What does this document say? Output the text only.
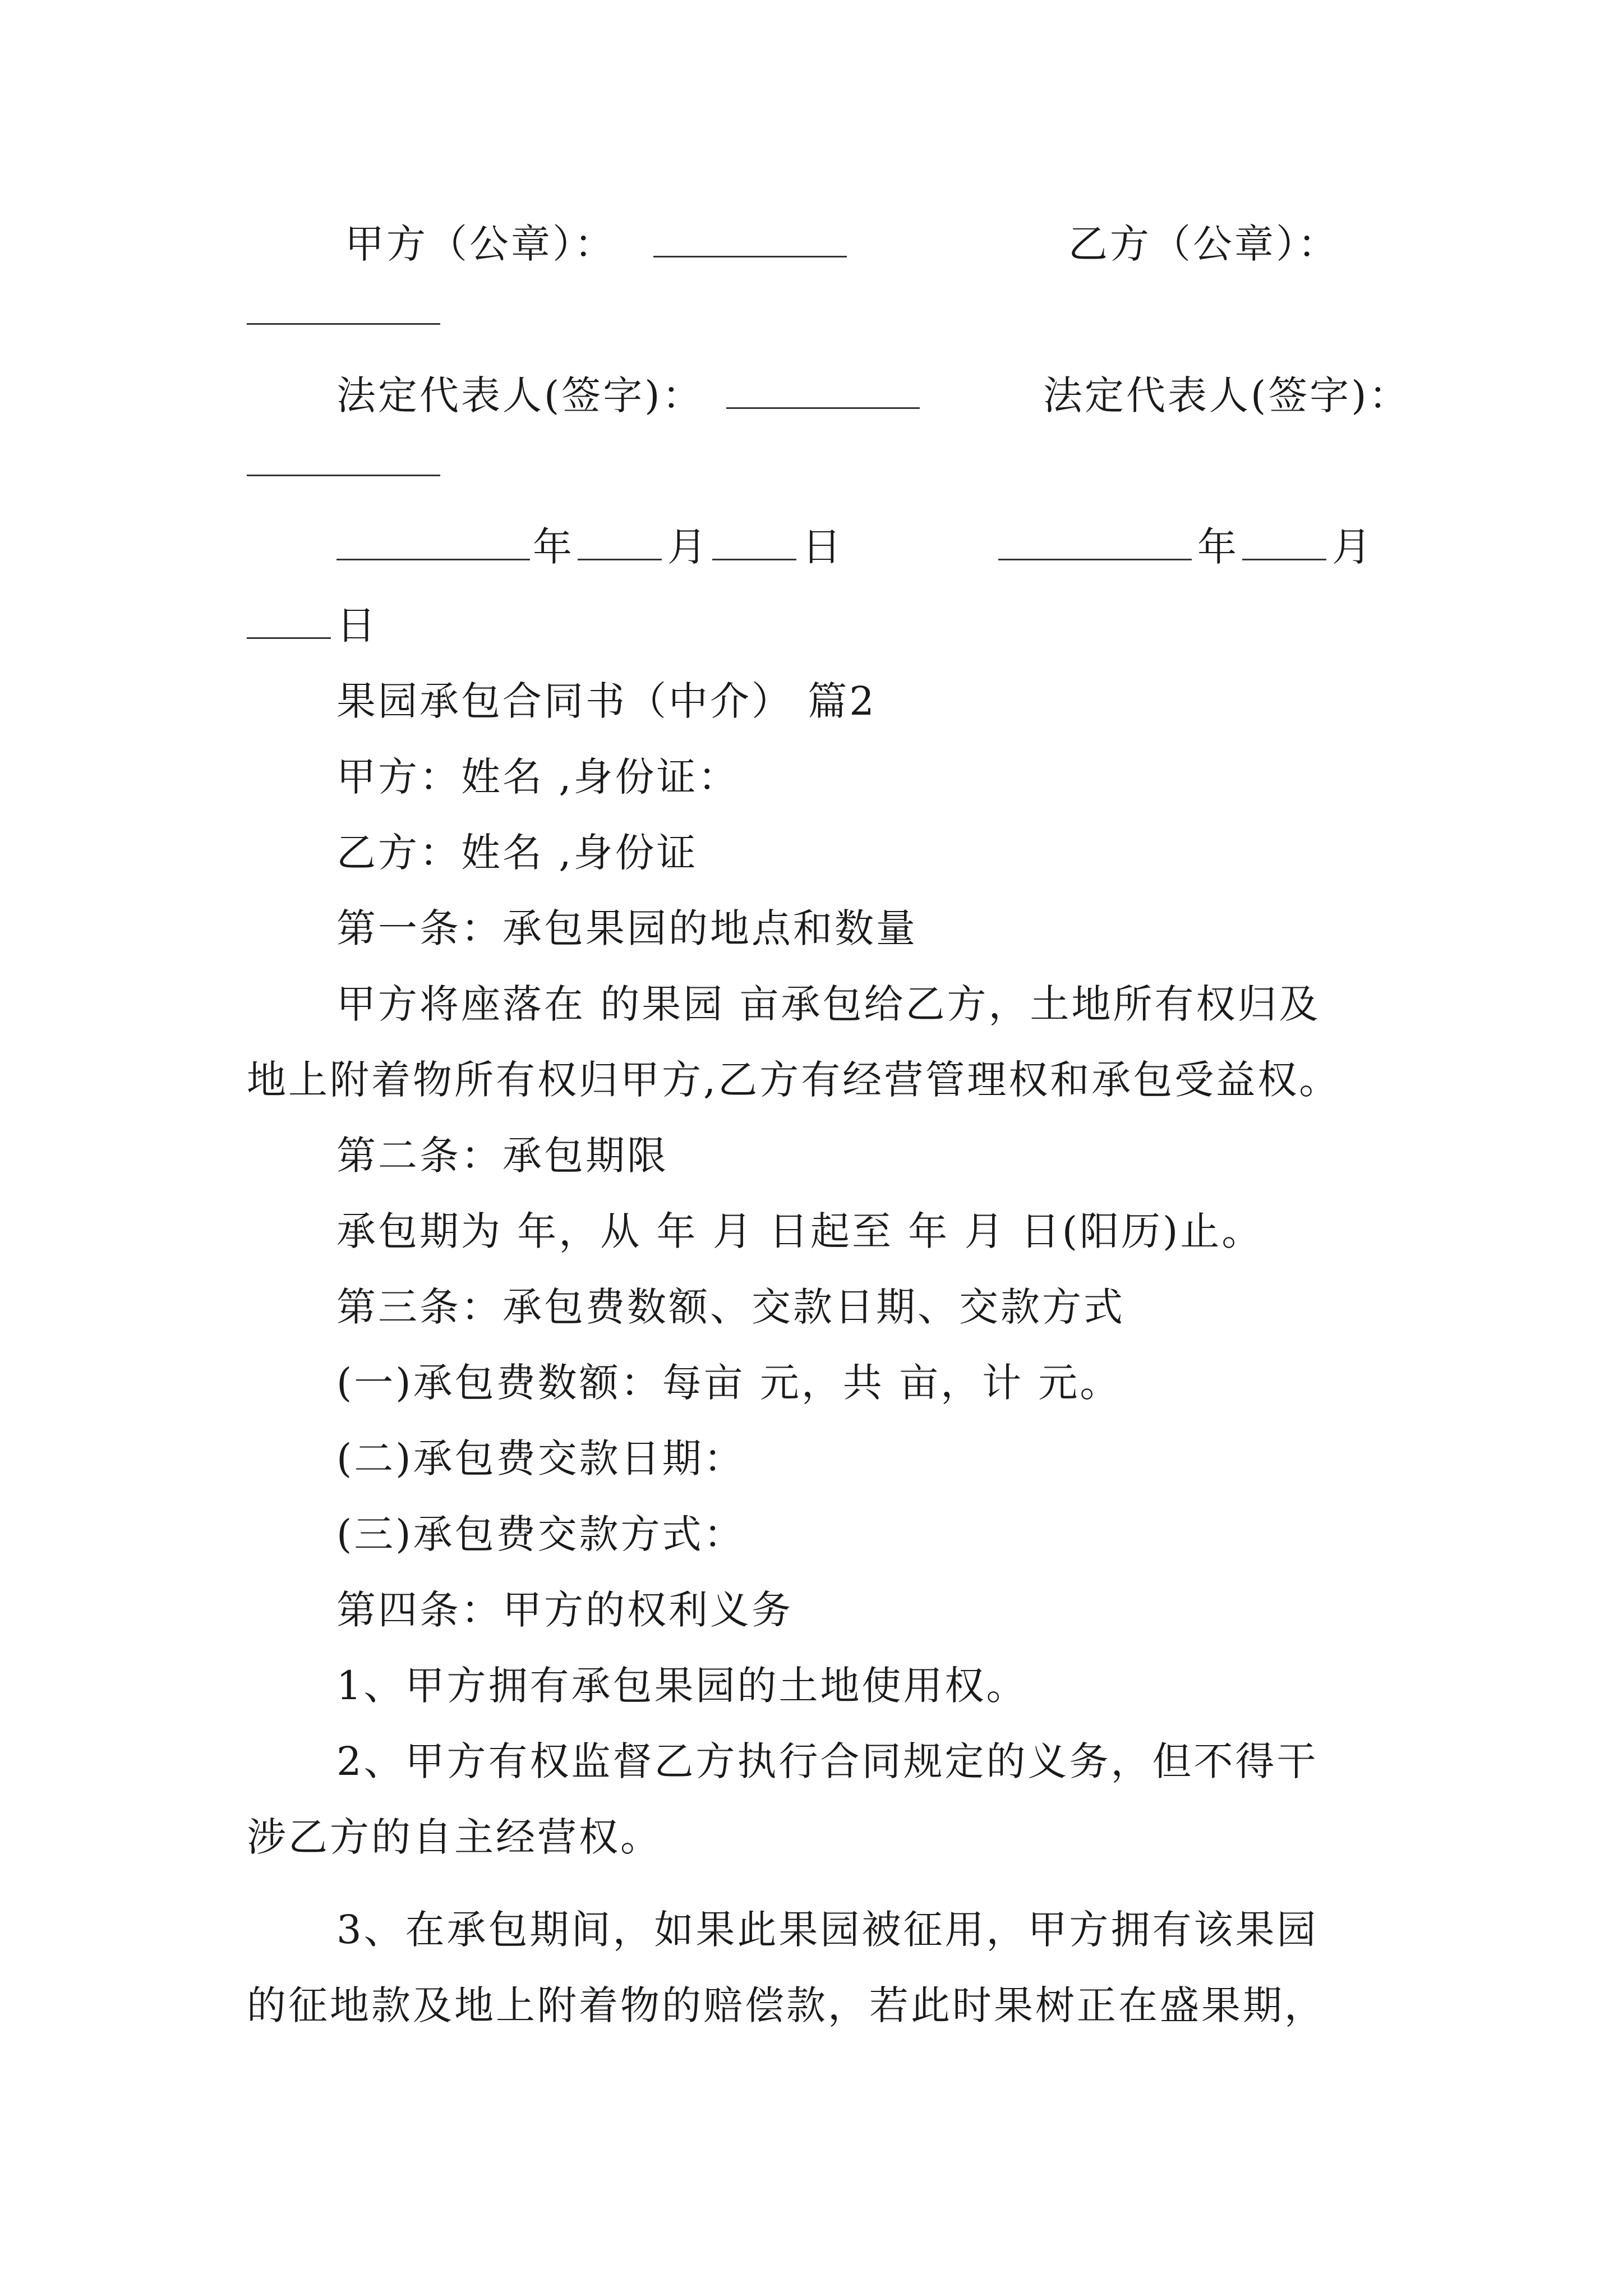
甲方（公章）：	乙方（公章）：
法定代表人(签字)：	法定代表人(签字)：
年 月 日	年 月
日
果园承包合同书（中介） 篇2
甲方：姓名 ,身份证：
乙方：姓名 ,身份证
第一条：承包果园的地点和数量
甲方将座落在 的果园 亩承包给乙方，土地所有权归及
地上附着物所有权归甲方,乙方有经营管理权和承包受益权。
第二条：承包期限
承包期为 年，从 年 月 日起至 年 月 日(阳历)止。
第三条：承包费数额、交款日期、交款方式
(一)承包费数额：每亩 元，共 亩，计 元。
(二)承包费交款日期：
(三)承包费交款方式：
第四条：甲方的权利义务
1、甲方拥有承包果园的土地使用权。
2、甲方有权监督乙方执行合同规定的义务，但不得干
涉乙方的自主经营权。
3、在承包期间，如果此果园被征用，甲方拥有该果园
的征地款及地上附着物的赔偿款，若此时果树正在盛果期，
